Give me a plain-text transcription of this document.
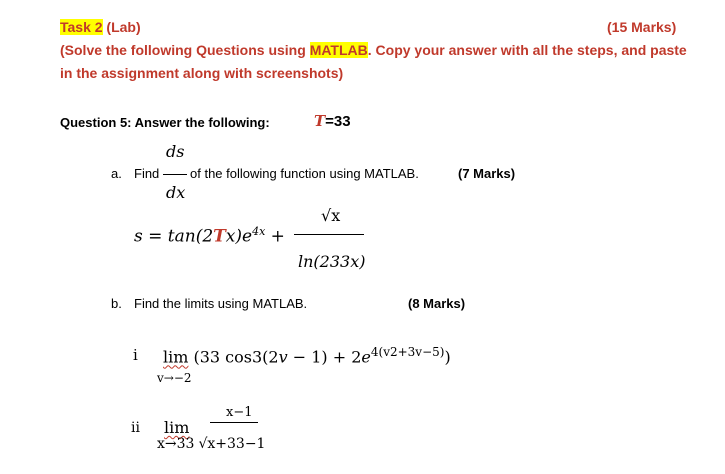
Task 2 (Lab)	(15 Marks)
(Solve the following Questions using MATLAB. Copy your answer with all the steps, and paste
in the assignment along with screenshots)
Question 5: Answer the following:	T=33
ds
dx
a. Find of the following function using MATLAB.	(7 Marks)
$s = \tan(2Tx)e^{4x}$ +
√x
ln(233x)
b. Find the limits using MATLAB.	(8 Marks)
i lim (33 $\cos 3(2v - 1) + 2e^{4(v2+3v-5)}$)
v→−2
ii lim
x−1
x→33 √x+33−1
